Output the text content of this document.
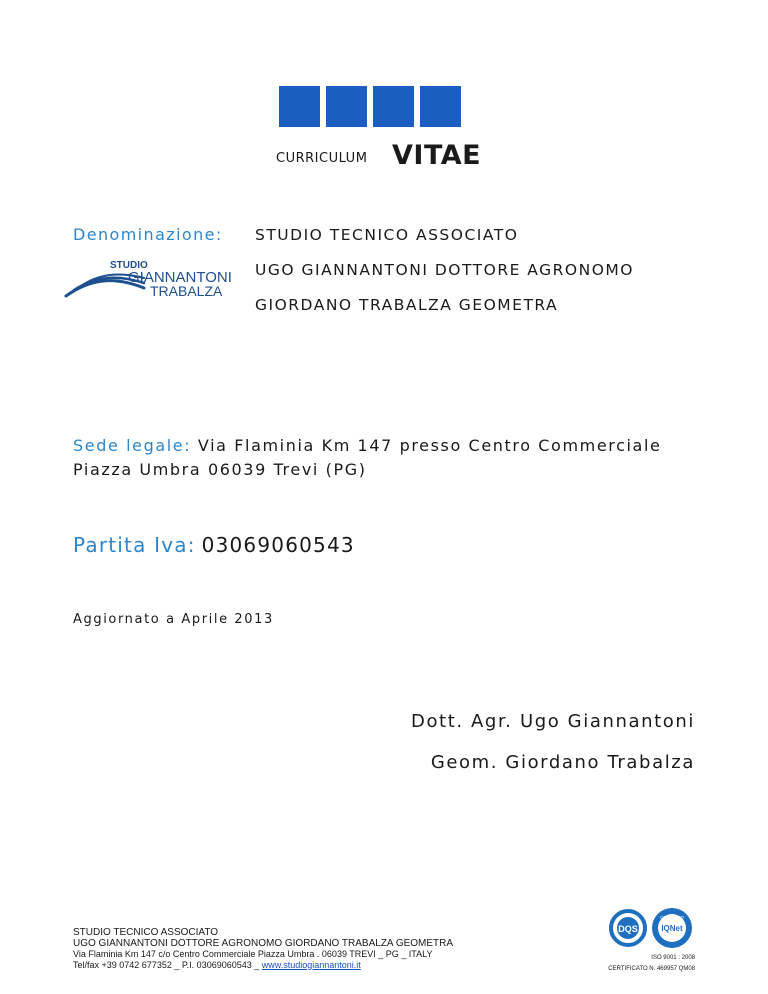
CURRICULUM VITAE
Denominazione: STUDIO TECNICO ASSOCIATO
UGO GIANNANTONI DOTTORE AGRONOMO
GIORDANO TRABALZA GEOMETRA
STUDIO
GIANNANTONI
TRABALZA
Sede legale: Via Flaminia Km 147 presso Centro Commerciale Piazza Umbra 06039 Trevi (PG)
Partita Iva: 03069060543
Aggiornato a Aprile 2013
Dott. Agr. Ugo Giannantoni
Geom. Giordano Trabalza
STUDIO TECNICO ASSOCIATO
UGO GIANNANTONI DOTTORE AGRONOMO GIORDANO TRABALZA GEOMETRA
Via Flaminia Km 147 c/o Centro Commerciale Piazza Umbra . 06039 TREVI _ PG _ ITALY
Tel/fax +39 0742 677352 _ P.I. 03069060543 _ www.studiogiannantoni.it
DQS
CERTIFIED
IQNet
ISO 9001 : 2008
CERTIFICATO N. 469957 QM08
